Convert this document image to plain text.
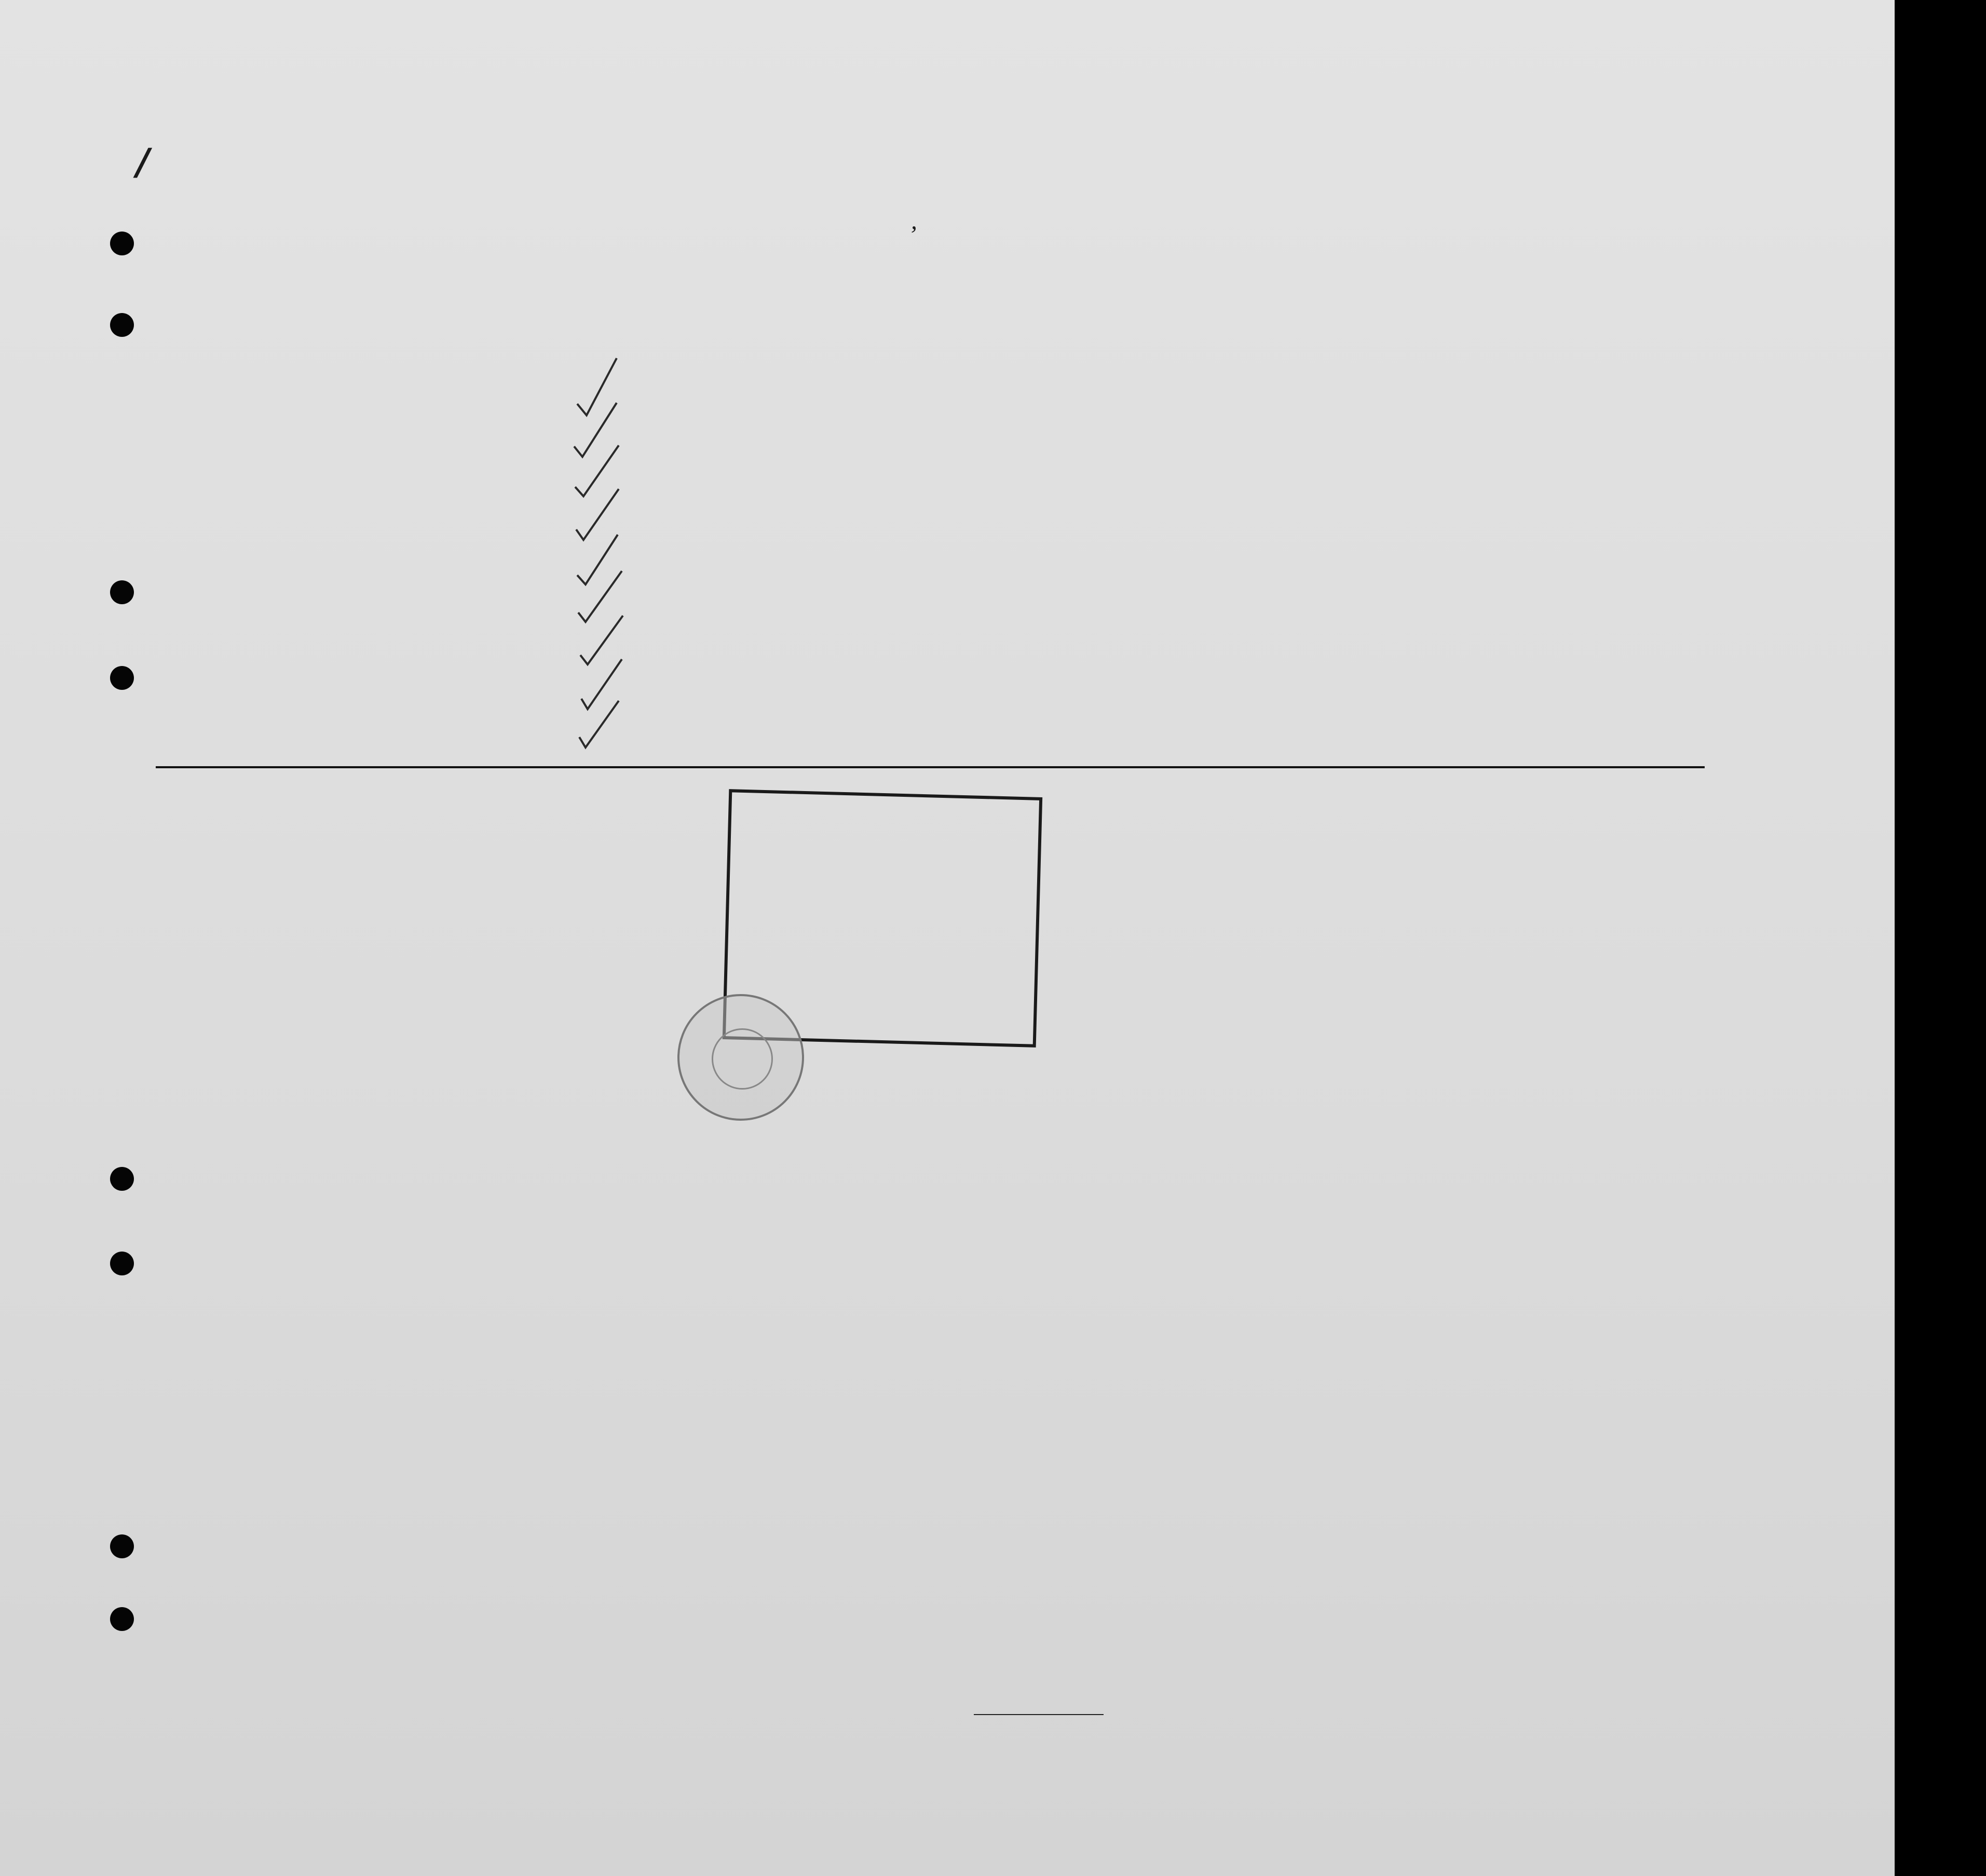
/
,
